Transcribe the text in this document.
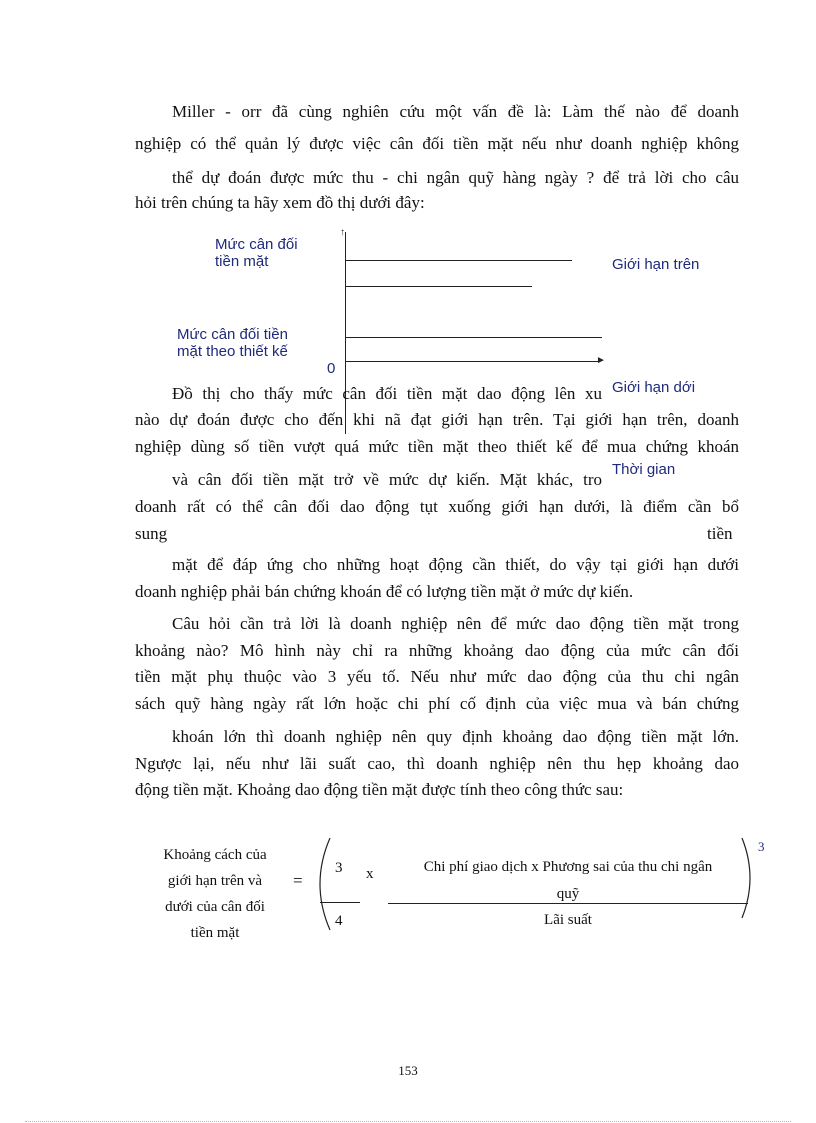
Miller - orr đã cùng nghiên cứu một vấn đề là: Làm thế nào để doanh
nghiệp có thể quản lý được việc cân đối tiền mặt nếu như doanh nghiệp không
thể dự đoán được mức thu - chi ngân quỹ hàng ngày ? để trả lời cho câu
hỏi trên chúng ta hãy xem đồ thị dưới đây:
Mức cân đối
tiền mặt
Mức cân đối tiền
mặt theo thiết kế
0
↑
►
Giới hạn trên
Giới hạn dới
Thời gian
Đồ thị cho thấy mức cân đối tiền mặt dao động lên xu
nào dự đoán được cho đến khi nã đạt giới hạn trên. Tại giới hạn trên, doanh
nghiệp dùng số tiền vượt quá mức tiền mặt theo thiết kế để mua chứng khoán
và cân đối tiền mặt trở về mức dự kiến. Mặt khác, tro
doanh rất có thể cân đối dao động tụt xuống giới hạn dưới, là điểm cần bổ
sung	tiền
mặt để đáp ứng cho những hoạt động cần thiết, do vậy tại giới hạn dưới
doanh nghiệp phải bán chứng khoán để có lượng tiền mặt ở mức dự kiến.
Câu hỏi cần trả lời là doanh nghiệp nên để mức dao động tiền mặt trong
khoảng nào? Mô hình này chỉ ra những khoảng dao động của mức cân đối
tiền mặt phụ thuộc vào 3 yếu tố. Nếu như mức dao động của thu chi ngân
sách quỹ hàng ngày rất lớn hoặc chi phí cố định của việc mua và bán chứng
khoán lớn thì doanh nghiệp nên quy định khoảng dao động tiền mặt lớn.
Ngược lại, nếu như lãi suất cao, thì doanh nghiệp nên thu hẹp khoảng dao
động tiền mặt. Khoảng dao động tiền mặt được tính theo công thức sau:
Khoảng cách của
giới hạn trên và
dưới của cân đối
tiền mặt
=
3
4
x	Chi phí giao dịch x Phương sai của thu chi ngân
quỹ
Lãi suất
3
153
